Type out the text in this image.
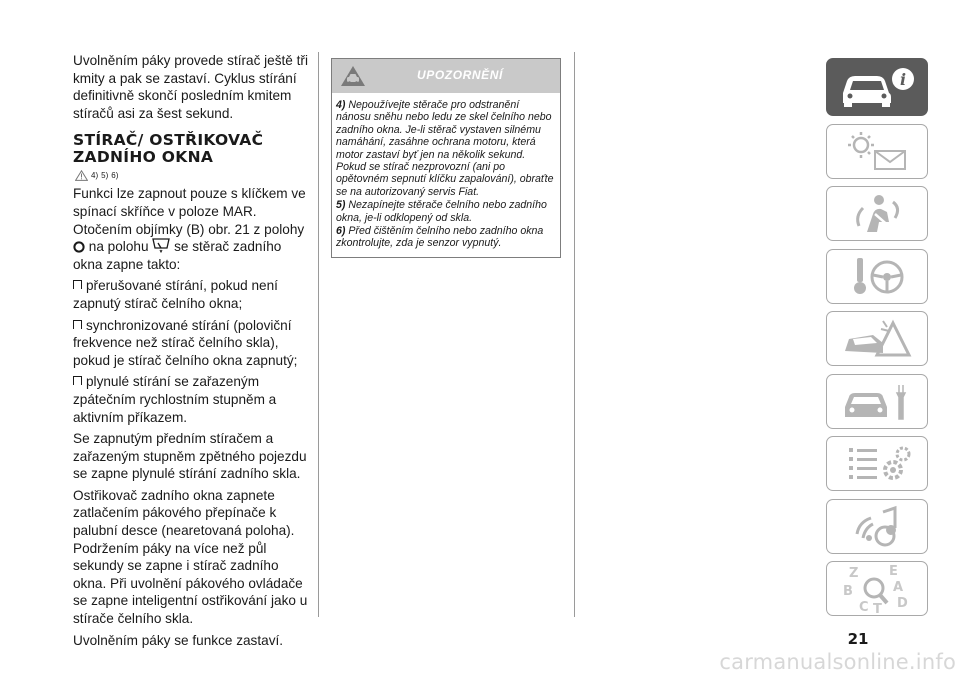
Uvolněním páky provede stírač ještě tři kmity a pak se zastaví. Cyklus stírání definitivně skončí posledním kmitem stíračů asi za šest sekund.

STÍRAČ/ OSTŘIKOVAČ
ZADNÍHO OKNA
4) 5) 6)

Funkci lze zapnout pouze s klíčkem ve spínací skříňce v poloze MAR. Otočením objímky (B) obr. 21 z polohy
na polohu se stěrač zadního okna zapne takto:

přerušované stírání, pokud není zapnutý stírač čelního okna;

synchronizované stírání (poloviční frekvence než stírač čelního skla), pokud je stírač čelního okna zapnutý;

plynulé stírání se zařazeným zpátečním rychlostním stupněm a aktivním příkazem.

Se zapnutým předním stíračem a zařazeným stupněm zpětného pojezdu se zapne plynulé stírání zadního skla.

Ostřikovač zadního okna zapnete zatlačením pákového přepínače k palubní desce (nearetovaná poloha). Podržením páky na více než půl sekundy se zapne i stírač zadního okna. Při uvolnění pákového ovládače se zapne inteligentní ostřikování jako u stírače čelního skla.

Uvolněním páky se funkce zastaví.

UPOZORNĚNÍ

4) Nepoužívejte stěrače pro odstranění nánosu sněhu nebo ledu ze skel čelního nebo zadního okna. Je-li stěrač vystaven silnému namáhání, zasáhne ochrana motoru, která motor zastaví byť jen na několik sekund. Pokud se stírač nezprovozní (ani po opětovném sepnutí klíčku zapalování), obraťte se na autorizovaný servis Fiat.

5) Nezapínejte stěrače čelního nebo zadního okna, je-li odklopený od skla.

6) Před čištěním čelního nebo zadního okna zkontrolujte, zda je senzor vypnutý.

i
Z E
B	A
C T D
21
carmanualsonline.info
